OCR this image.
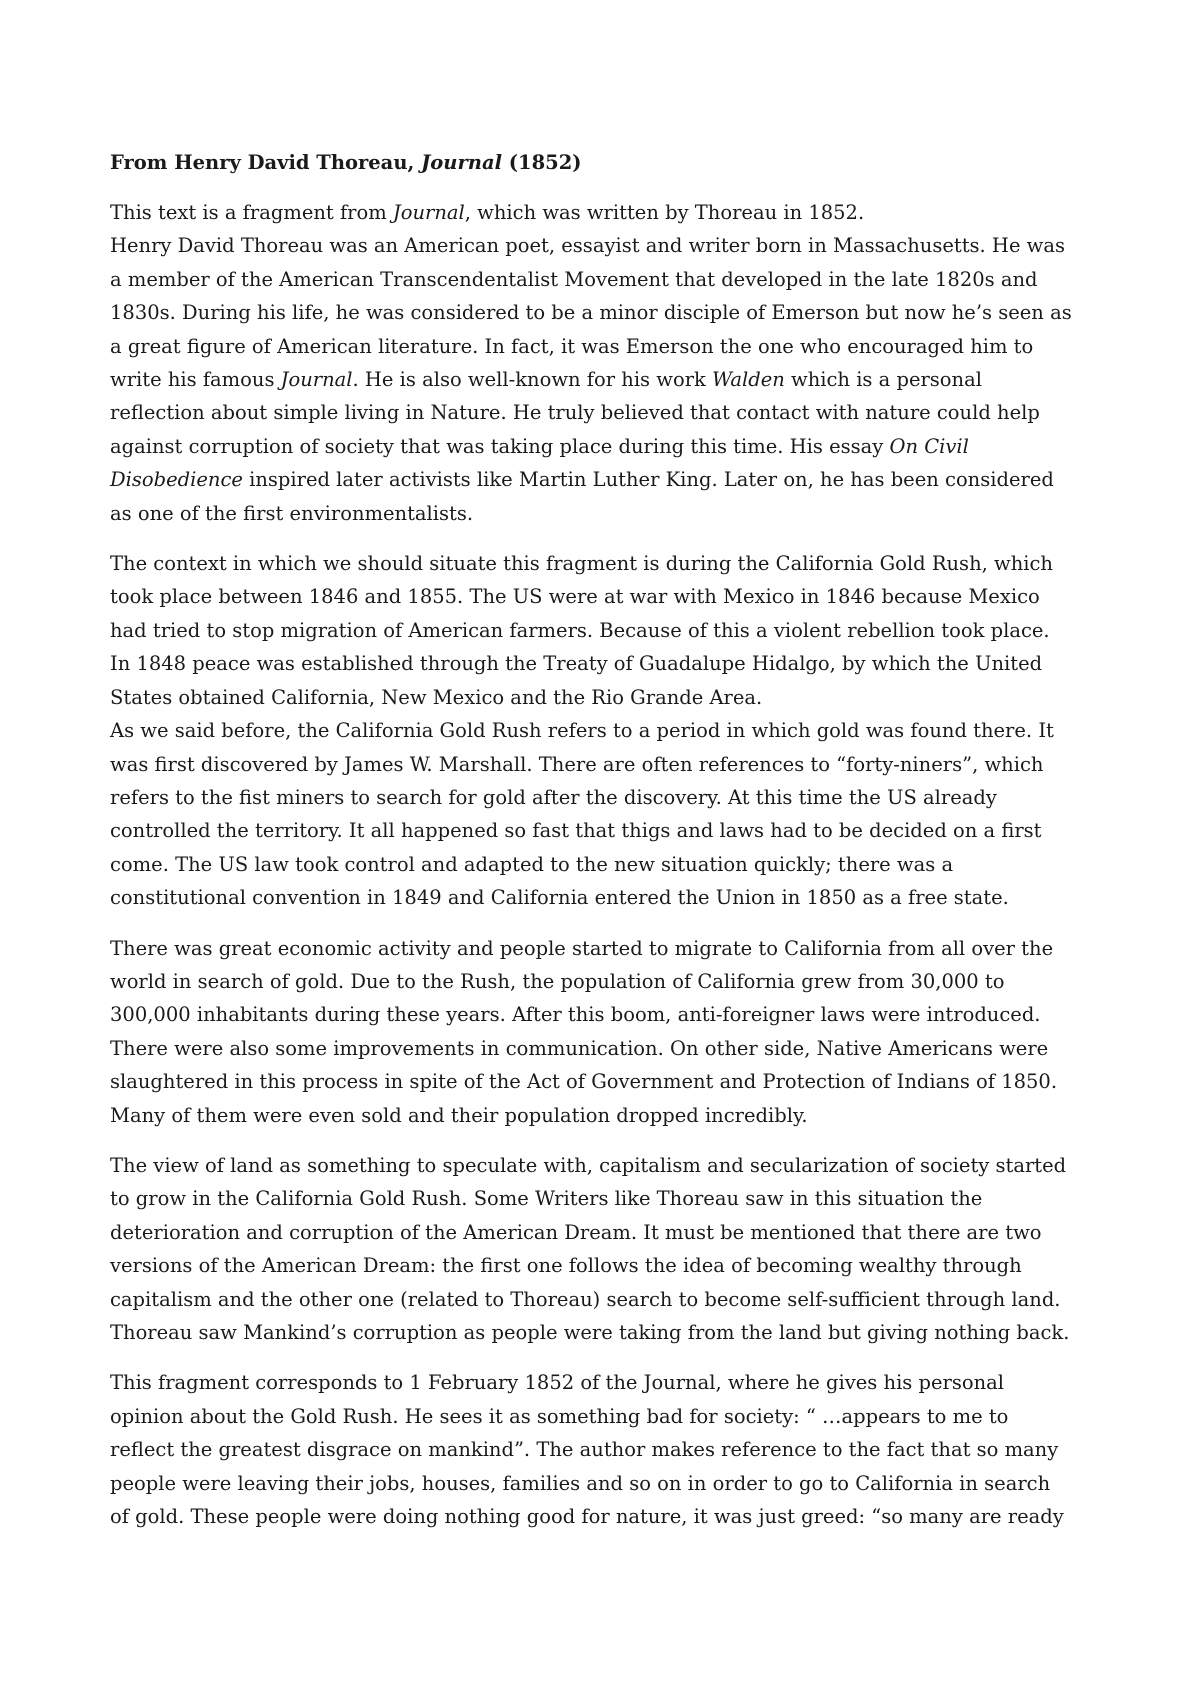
From Henry David Thoreau, Journal (1852)
This text is a fragment from Journal, which was written by Thoreau in 1852.
Henry David Thoreau was an American poet, essayist and writer born in Massachusetts. He was
a member of the American Transcendentalist Movement that developed in the late 1820s and
1830s. During his life, he was considered to be a minor disciple of Emerson but now he’s seen as
a great figure of American literature. In fact, it was Emerson the one who encouraged him to
write his famous Journal. He is also well-known for his work Walden which is a personal
reflection about simple living in Nature. He truly believed that contact with nature could help
against corruption of society that was taking place during this time. His essay On Civil
Disobedience inspired later activists like Martin Luther King. Later on, he has been considered
as one of the first environmentalists.
The context in which we should situate this fragment is during the California Gold Rush, which
took place between 1846 and 1855. The US were at war with Mexico in 1846 because Mexico
had tried to stop migration of American farmers. Because of this a violent rebellion took place.
In 1848 peace was established through the Treaty of Guadalupe Hidalgo, by which the United
States obtained California, New Mexico and the Rio Grande Area.
As we said before, the California Gold Rush refers to a period in which gold was found there. It
was first discovered by James W. Marshall. There are often references to “forty-niners”, which
refers to the fist miners to search for gold after the discovery. At this time the US already
controlled the territory. It all happened so fast that thigs and laws had to be decided on a first
come. The US law took control and adapted to the new situation quickly; there was a
constitutional convention in 1849 and California entered the Union in 1850 as a free state.
There was great economic activity and people started to migrate to California from all over the
world in search of gold. Due to the Rush, the population of California grew from 30,000 to
300,000 inhabitants during these years. After this boom, anti-foreigner laws were introduced.
There were also some improvements in communication. On other side, Native Americans were
slaughtered in this process in spite of the Act of Government and Protection of Indians of 1850.
Many of them were even sold and their population dropped incredibly.
The view of land as something to speculate with, capitalism and secularization of society started
to grow in the California Gold Rush. Some Writers like Thoreau saw in this situation the
deterioration and corruption of the American Dream. It must be mentioned that there are two
versions of the American Dream: the first one follows the idea of becoming wealthy through
capitalism and the other one (related to Thoreau) search to become self-sufficient through land.
Thoreau saw Mankind’s corruption as people were taking from the land but giving nothing back.
This fragment corresponds to 1 February 1852 of the Journal, where he gives his personal
opinion about the Gold Rush. He sees it as something bad for society: “ …appears to me to
reflect the greatest disgrace on mankind”. The author makes reference to the fact that so many
people were leaving their jobs, houses, families and so on in order to go to California in search
of gold. These people were doing nothing good for nature, it was just greed: “so many are ready
